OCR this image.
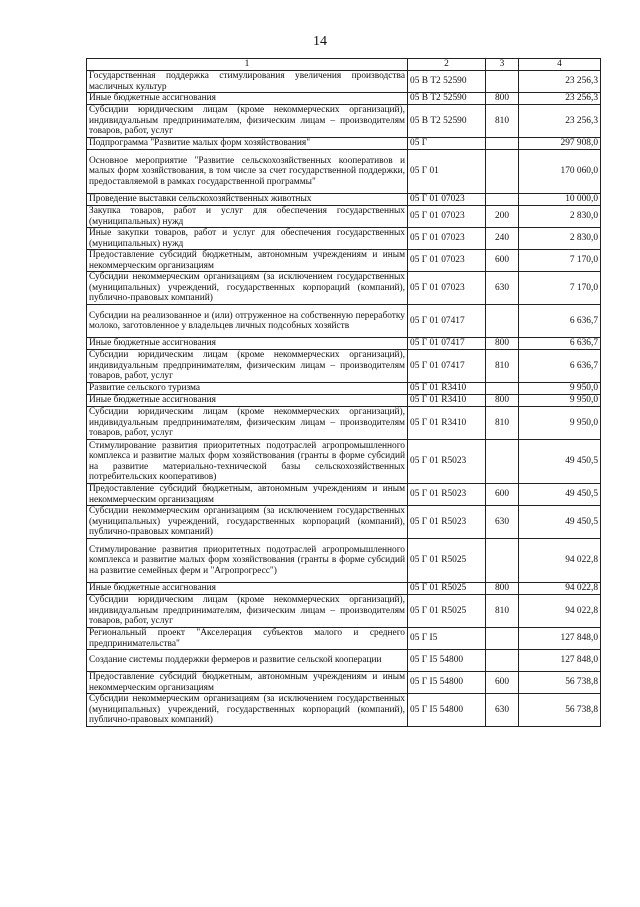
14
1	2	3	4
Государственная поддержка стимулирования увеличения производства масличных культур	05 В Т2 52590		23 256,3
Иные бюджетные ассигнования	05 В Т2 52590	800	23 256,3
Субсидии юридическим лицам (кроме некоммерческих организаций), индивидуальным предпринимателям, физическим лицам – производителям товаров, работ, услуг	05 В Т2 52590	810	23 256,3
Подпрограмма "Развитие малых форм хозяйствования"	05 Г		297 908,0
Основное мероприятие "Развитие сельскохозяйственных кооперативов и малых форм хозяйствования, в том числе за счет государственной поддержки, предоставляемой в рамках государственной программы"	05 Г 01		170 060,0
Проведение выставки сельскохозяйственных животных	05 Г 01 07023		10 000,0
Закупка товаров, работ и услуг для обеспечения государственных (муниципальных) нужд	05 Г 01 07023	200	2 830,0
Иные закупки товаров, работ и услуг для обеспечения государственных (муниципальных) нужд	05 Г 01 07023	240	2 830,0
Предоставление субсидий бюджетным, автономным учреждениям и иным некоммерческим организациям	05 Г 01 07023	600	7 170,0
Субсидии некоммерческим организациям (за исключением государственных (муниципальных) учреждений, государственных корпораций (компаний), публично-правовых компаний)	05 Г 01 07023	630	7 170,0
Субсидии на реализованное и (или) отгруженное на собственную переработку молоко, заготовленное у владельцев личных подсобных хозяйств	05 Г 01 07417		6 636,7
Иные бюджетные ассигнования	05 Г 01 07417	800	6 636,7
Субсидии юридическим лицам (кроме некоммерческих организаций), индивидуальным предпринимателям, физическим лицам – производителям товаров, работ, услуг	05 Г 01 07417	810	6 636,7
Развитие сельского туризма	05 Г 01 R3410		9 950,0
Иные бюджетные ассигнования	05 Г 01 R3410	800	9 950,0
Субсидии юридическим лицам (кроме некоммерческих организаций), индивидуальным предпринимателям, физическим лицам – производителям товаров, работ, услуг	05 Г 01 R3410	810	9 950,0
Стимулирование развития приоритетных подотраслей агропромышленного комплекса и развитие малых форм хозяйствования (гранты в форме субсидий на развитие материально-технической базы сельскохозяйственных потребительских кооперативов)	05 Г 01 R5023		49 450,5
Предоставление субсидий бюджетным, автономным учреждениям и иным некоммерческим организациям	05 Г 01 R5023	600	49 450,5
Субсидии некоммерческим организациям (за исключением государственных (муниципальных) учреждений, государственных корпораций (компаний), публично-правовых компаний)	05 Г 01 R5023	630	49 450,5
Стимулирование развития приоритетных подотраслей агропромышленного комплекса и развитие малых форм хозяйствования (гранты в форме субсидий на развитие семейных ферм и "Агропрогресс")	05 Г 01 R5025		94 022,8
Иные бюджетные ассигнования	05 Г 01 R5025	800	94 022,8
Субсидии юридическим лицам (кроме некоммерческих организаций), индивидуальным предпринимателям, физическим лицам – производителям товаров, работ, услуг	05 Г 01 R5025	810	94 022,8
Региональный проект "Акселерация субъектов малого и среднего предпринимательства"	05 Г I5		127 848,0
Создание системы поддержки фермеров и развитие сельской кооперации	05 Г I5 54800		127 848,0
Предоставление субсидий бюджетным, автономным учреждениям и иным некоммерческим организациям	05 Г I5 54800	600	56 738,8
Субсидии некоммерческим организациям (за исключением государственных (муниципальных) учреждений, государственных корпораций (компаний), публично-правовых компаний)	05 Г I5 54800	630	56 738,8
